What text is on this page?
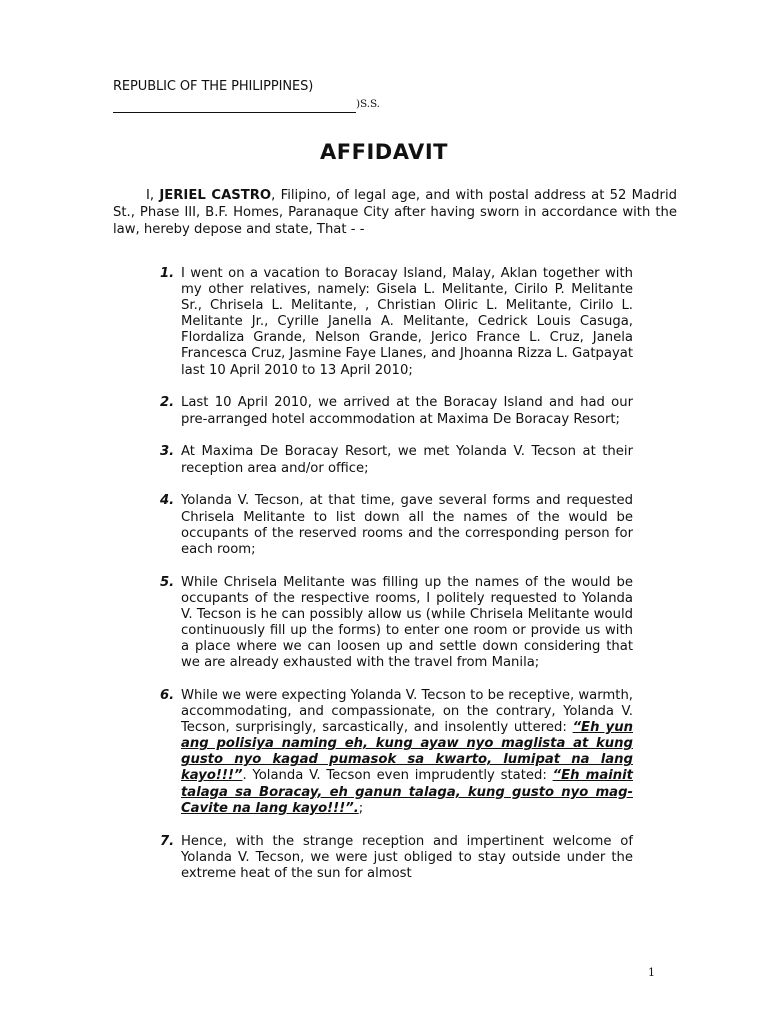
REPUBLIC OF THE PHILIPPINES)
)S.S.
AFFIDAVIT
I, JERIEL CASTRO, Filipino, of legal age, and with postal address at 52 Madrid St., Phase III, B.F. Homes, Paranaque City after having sworn in accordance with the law, hereby depose and state, That - -
1. I went on a vacation to Boracay Island, Malay, Aklan together with my other relatives, namely: Gisela L. Melitante, Cirilo P. Melitante Sr., Chrisela L. Melitante, , Christian Oliric L. Melitante, Cirilo L. Melitante Jr., Cyrille Janella A. Melitante, Cedrick Louis Casuga, Flordaliza Grande, Nelson Grande, Jerico France L. Cruz, Janela Francesca Cruz, Jasmine Faye Llanes, and Jhoanna Rizza L. Gatpayat last 10 April 2010 to 13 April 2010;
2. Last 10 April 2010, we arrived at the Boracay Island and had our pre-arranged hotel accommodation at Maxima De Boracay Resort;
3. At Maxima De Boracay Resort, we met Yolanda V. Tecson at their reception area and/or office;
4. Yolanda V. Tecson, at that time, gave several forms and requested Chrisela Melitante to list down all the names of the would be occupants of the reserved rooms and the corresponding person for each room;
5. While Chrisela Melitante was filling up the names of the would be occupants of the respective rooms, I politely requested to Yolanda V. Tecson is he can possibly allow us (while Chrisela Melitante would continuously fill up the forms) to enter one room or provide us with a place where we can loosen up and settle down considering that we are already exhausted with the travel from Manila;
6. While we were expecting Yolanda V. Tecson to be receptive, warmth, accommodating, and compassionate, on the contrary, Yolanda V. Tecson, surprisingly, sarcastically, and insolently uttered: “Eh yun ang polisiya naming eh, kung ayaw nyo maglista at kung gusto nyo kagad pumasok sa kwarto, lumipat na lang kayo!!!”. Yolanda V. Tecson even imprudently stated: “Eh mainit talaga sa Boracay, eh ganun talaga, kung gusto nyo mag-Cavite na lang kayo!!!”.;
7. Hence, with the strange reception and impertinent welcome of Yolanda V. Tecson, we were just obliged to stay outside under the extreme heat of the sun for almost
1
